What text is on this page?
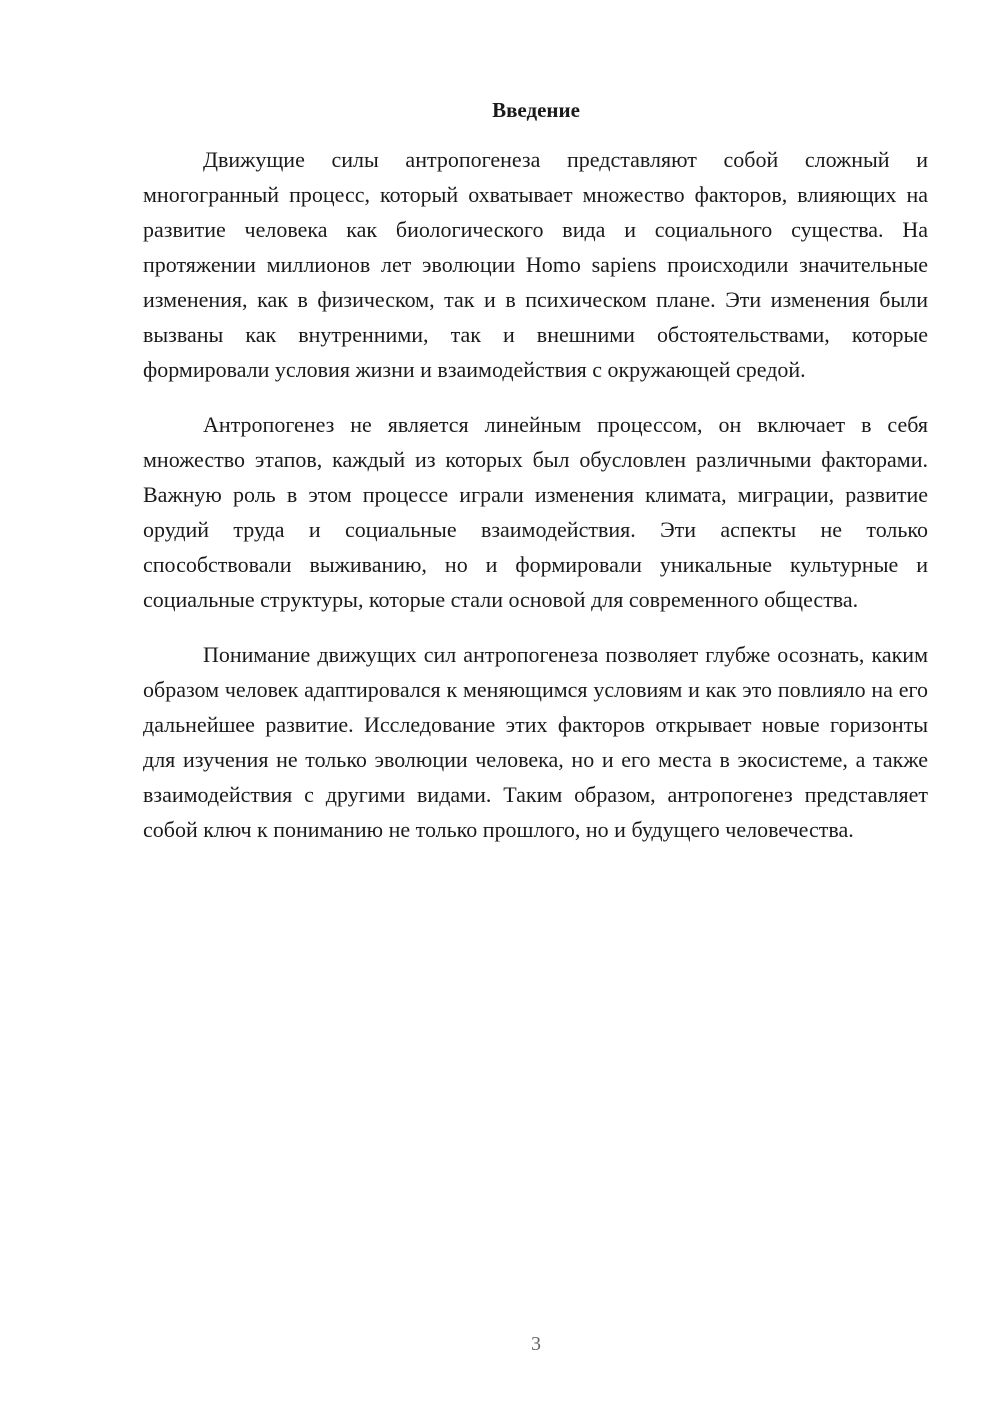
Введение

Движущие силы антропогенеза представляют собой сложный и многогранный процесс, который охватывает множество факторов, влияющих на развитие человека как биологического вида и социального существа. На протяжении миллионов лет эволюции Homo sapiens происходили значительные изменения, как в физическом, так и в психическом плане. Эти изменения были вызваны как внутренними, так и внешними обстоятельствами, которые формировали условия жизни и взаимодействия с окружающей средой.

Антропогенез не является линейным процессом, он включает в себя множество этапов, каждый из которых был обусловлен различными факторами. Важную роль в этом процессе играли изменения климата, миграции, развитие орудий труда и социальные взаимодействия. Эти аспекты не только способствовали выживанию, но и формировали уникальные культурные и социальные структуры, которые стали основой для современного общества.

Понимание движущих сил антропогенеза позволяет глубже осознать, каким образом человек адаптировался к меняющимся условиям и как это повлияло на его дальнейшее развитие. Исследование этих факторов открывает новые горизонты для изучения не только эволюции человека, но и его места в экосистеме, а также взаимодействия с другими видами. Таким образом, антропогенез представляет собой ключ к пониманию не только прошлого, но и будущего человечества.

3
